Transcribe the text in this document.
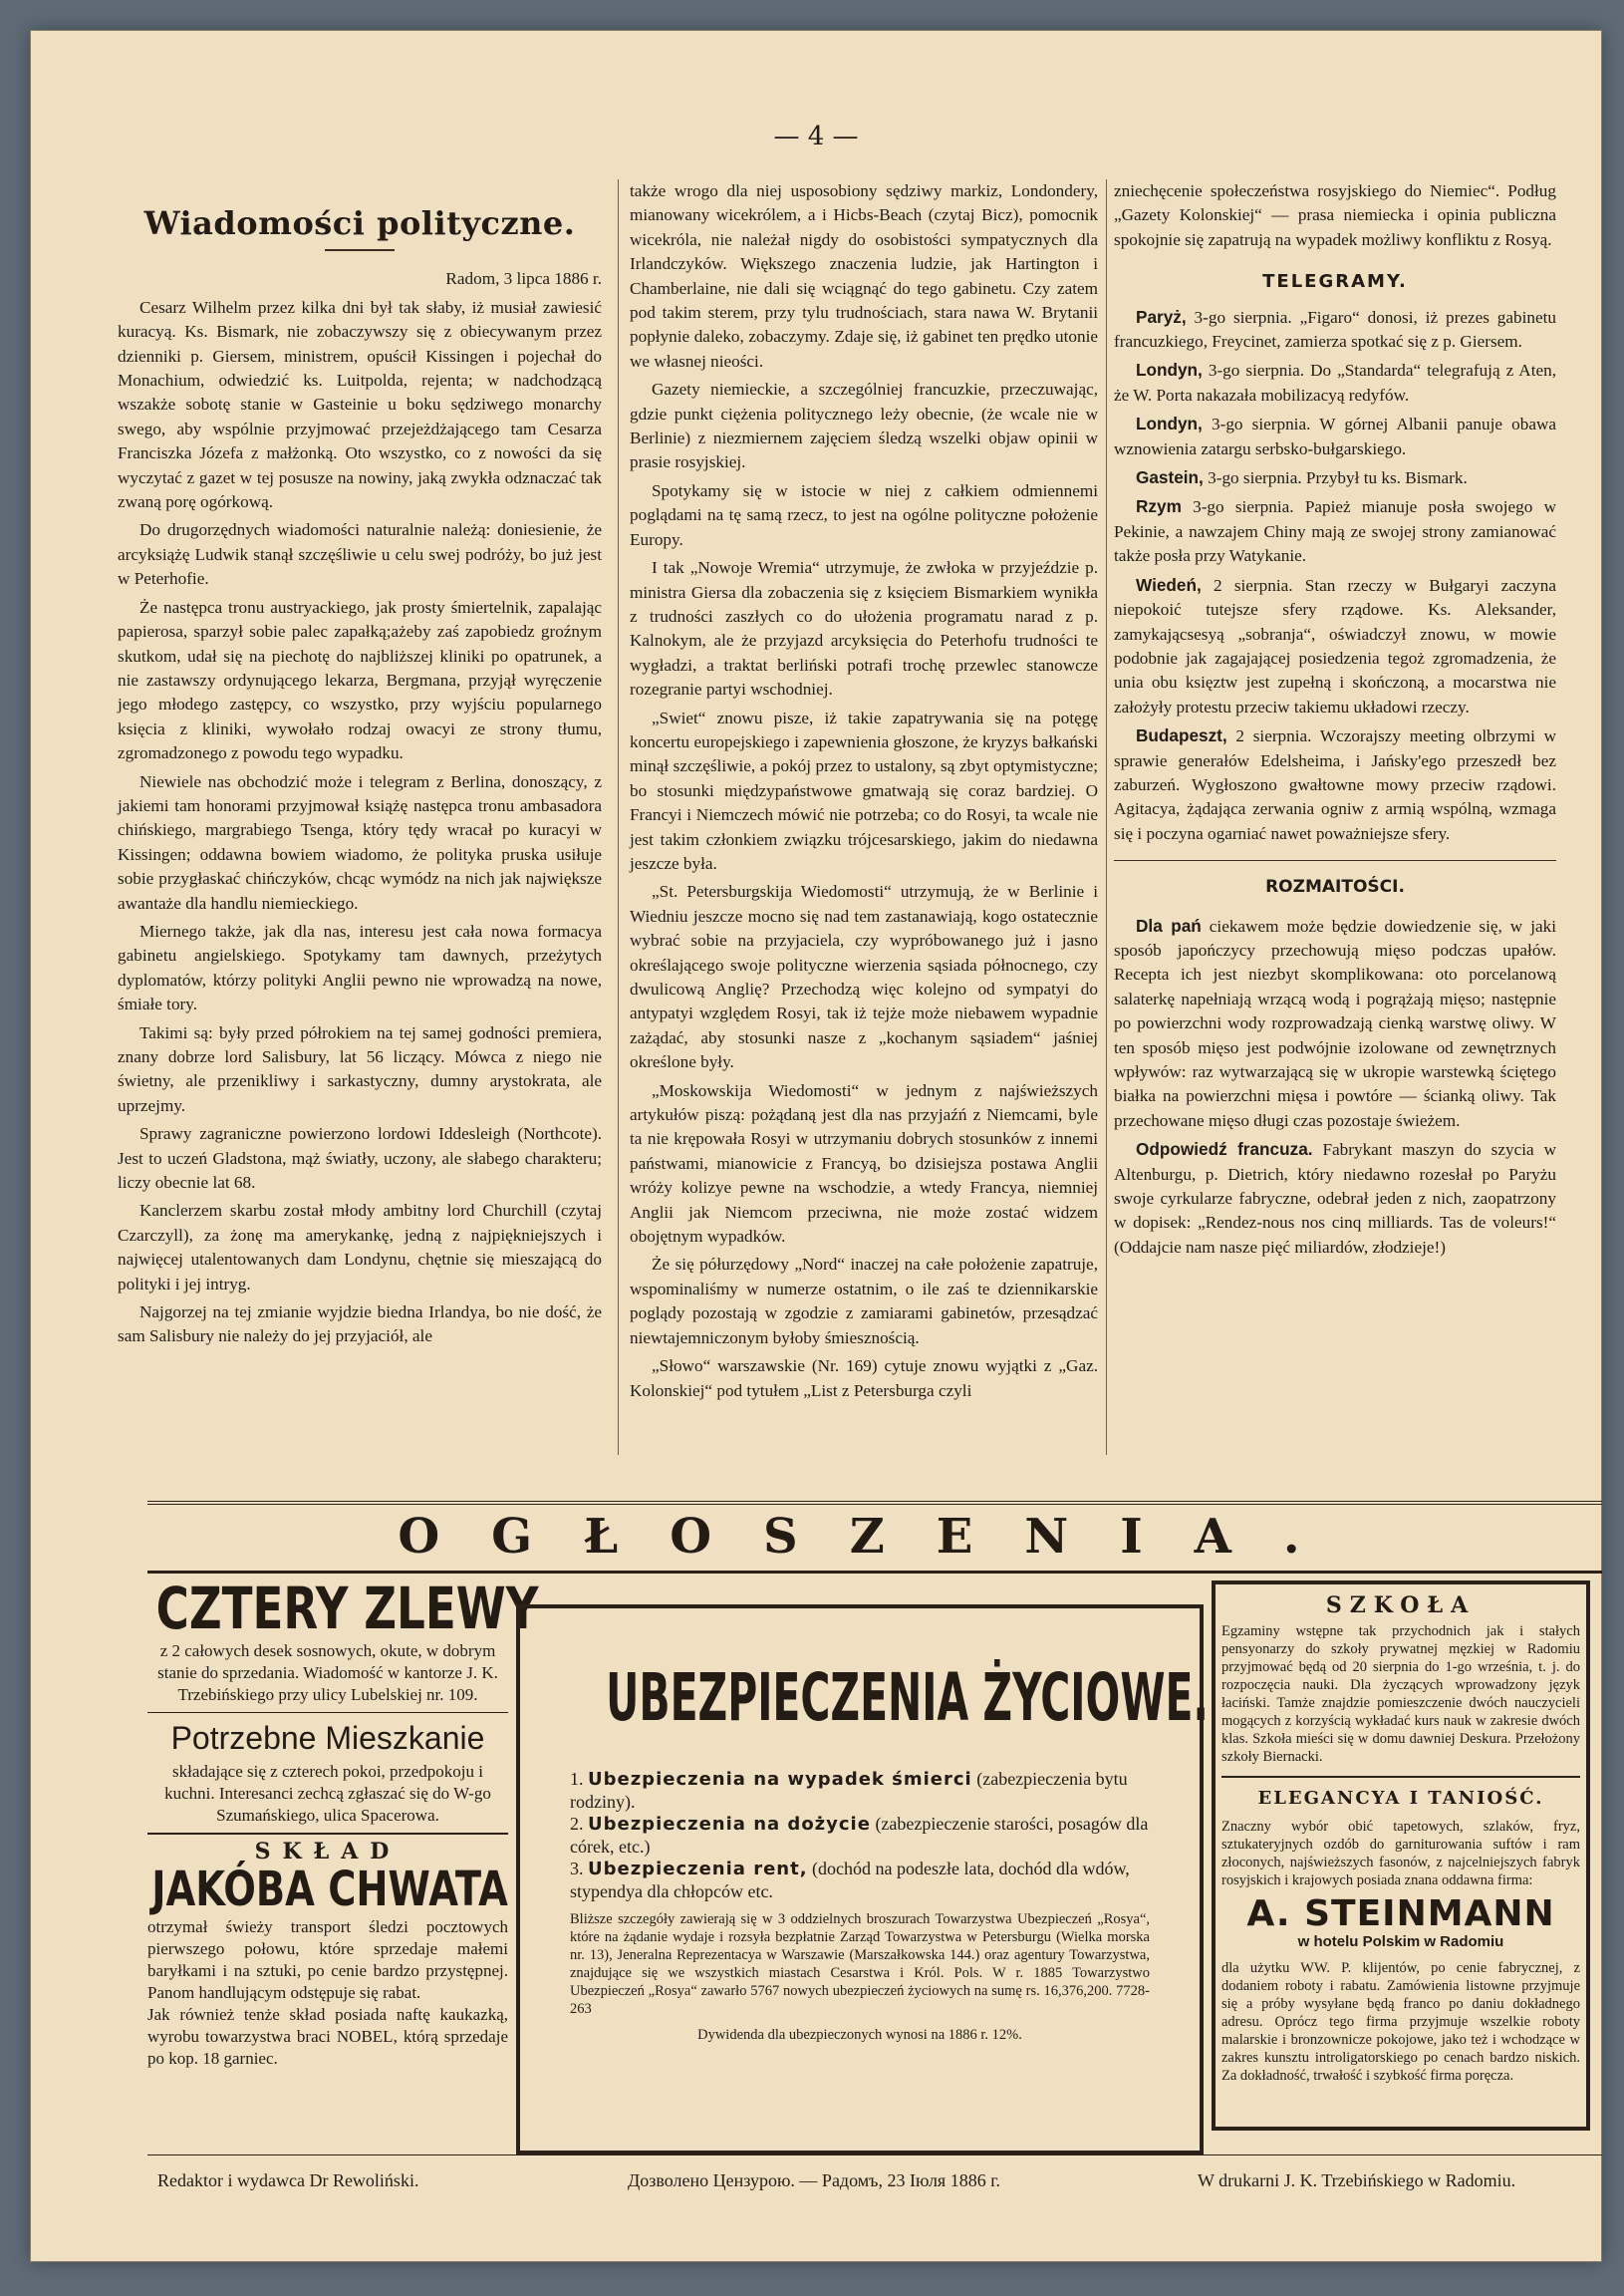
— 4 —
Wiadomości polityczne.

Radom, 3 lipca 1886 r.

Cesarz Wilhelm przez kilka dni był tak słaby, iż musiał zawiesić kuracyą. Ks. Bismark, nie zobaczywszy się z obiecywanym przez dzienniki p. Giersem, ministrem, opuścił Kissingen i pojechał do Monachium, odwiedzić ks. Luitpolda, rejenta; w nadchodzącą wszakże sobotę stanie w Gasteinie u boku sędziwego monarchy swego, aby wspólnie przyjmować przejeżdżającego tam Cesarza Franciszka Józefa z małżonką. Oto wszystko, co z nowości da się wyczytać z gazet w tej posusze na nowiny, jaką zwykła odznaczać tak zwaną porę ogórkową.

Do drugorzędnych wiadomości naturalnie należą: doniesienie, że arcyksiążę Ludwik stanął szczęśliwie u celu swej podróży, bo już jest w Peterhofie.

Że następca tronu austryackiego, jak prosty śmiertelnik, zapalając papierosa, sparzył sobie palec zapałką;ażeby zaś zapobiedz groźnym skutkom, udał się na piechotę do najbliższej kliniki po opatrunek, a nie zastawszy ordynującego lekarza, Bergmana, przyjął wyręczenie jego młodego zastępcy, co wszystko, przy wyjściu popularnego księcia z kliniki, wywołało rodzaj owacyi ze strony tłumu, zgromadzonego z powodu tego wypadku.

Niewiele nas obchodzić może i telegram z Berlina, donoszący, z jakiemi tam honorami przyjmował książę następca tronu ambasadora chińskiego, margrabiego Tsenga, który tędy wracał po kuracyi w Kissingen; oddawna bowiem wiadomo, że polityka pruska usiłuje sobie przygłaskać chińczyków, chcąc wymódz na nich jak największe awantaże dla handlu niemieckiego.

Miernego także, jak dla nas, interesu jest cała nowa formacya gabinetu angielskiego. Spotykamy tam dawnych, przeżytych dyplomatów, którzy polityki Anglii pewno nie wprowadzą na nowe, śmiałe tory.

Takimi są: były przed półrokiem na tej samej godności premiera, znany dobrze lord Salisbury, lat 56 liczący. Mówca z niego nie świetny, ale przenikliwy i sarkastyczny, dumny arystokrata, ale uprzejmy.

Sprawy zagraniczne powierzono lordowi Iddesleigh (Northcote). Jest to uczeń Gladstona, mąż światły, uczony, ale słabego charakteru; liczy obecnie lat 68.

Kanclerzem skarbu został młody ambitny lord Churchill (czytaj Czarczyll), za żonę ma amerykankę, jedną z najpiękniejszych i najwięcej utalentowanych dam Londynu, chętnie się mieszającą do polityki i jej intryg.

Najgorzej na tej zmianie wyjdzie biedna Irlandya, bo nie dość, że sam Salisbury nie należy do jej przyjaciół, ale

także wrogo dla niej usposobiony sędziwy markiz, Londondery, mianowany wicekrólem, a i Hicbs-Beach (czytaj Bicz), pomocnik wicekróla, nie należał nigdy do osobistości sympatycznych dla Irlandczyków. Większego znaczenia ludzie, jak Hartington i Chamberlaine, nie dali się wciągnąć do tego gabinetu. Czy zatem pod takim sterem, przy tylu trudnościach, stara nawa W. Brytanii popłynie daleko, zobaczymy. Zdaje się, iż gabinet ten prędko utonie we własnej nieości.

Gazety niemieckie, a szczególniej francuzkie, przeczuwając, gdzie punkt ciężenia politycznego leży obecnie, (że wcale nie w Berlinie) z niezmiernem zajęciem śledzą wszelki objaw opinii w prasie rosyjskiej.

Spotykamy się w istocie w niej z całkiem odmiennemi poglądami na tę samą rzecz, to jest na ogólne polityczne położenie Europy.

I tak „Nowoje Wremia“ utrzymuje, że zwłoka w przyjeździe p. ministra Giersa dla zobaczenia się z księciem Bismarkiem wynikła z trudności zaszłych co do ułożenia programatu narad z p. Kalnokym, ale że przyjazd arcyksięcia do Peterhofu trudności te wygładzi, a traktat berliński potrafi trochę przewlec stanowcze rozegranie partyi wschodniej.

„Swiet“ znowu pisze, iż takie zapatrywania się na potęgę koncertu europejskiego i zapewnienia głoszone, że kryzys bałkański minął szczęśliwie, a pokój przez to ustalony, są zbyt optymistyczne; bo stosunki międzypaństwowe gmatwają się coraz bardziej. O Francyi i Niemczech mówić nie potrzeba; co do Rosyi, ta wcale nie jest takim członkiem związku trójcesarskiego, jakim do niedawna jeszcze była.

„St. Petersburgskija Wiedomosti“ utrzymują, że w Berlinie i Wiedniu jeszcze mocno się nad tem zastanawiają, kogo ostatecznie wybrać sobie na przyjaciela, czy wypróbowanego już i jasno określającego swoje polityczne wierzenia sąsiada północnego, czy dwulicową Anglię? Przechodzą więc kolejno od sympatyi do antypatyi względem Rosyi, tak iż tejże może niebawem wypadnie zażądać, aby stosunki nasze z „kochanym sąsiadem“ jaśniej określone były.

„Moskowskija Wiedomosti“ w jednym z najświeższych artykułów piszą: pożądaną jest dla nas przyjaźń z Niemcami, byle ta nie krępowała Rosyi w utrzymaniu dobrych stosunków z innemi państwami, mianowicie z Francyą, bo dzisiejsza postawa Anglii wróży kolizye pewne na wschodzie, a wtedy Francya, niemniej Anglii jak Niemcom przeciwna, nie może zostać widzem obojętnym wypadków.

Że się półurzędowy „Nord“ inaczej na całe położenie zapatruje, wspominaliśmy w numerze ostatnim, o ile zaś te dziennikarskie poglądy pozostają w zgodzie z zamiarami gabinetów, przesądzać niewtajemniczonym byłoby śmiesznością.

„Słowo“ warszawskie (Nr. 169) cytuje znowu wyjątki z „Gaz. Kolonskiej“ pod tytułem „List z Petersburga czyli

zniechęcenie społeczeństwa rosyjskiego do Niemiec“. Podług „Gazety Kolonskiej“ — prasa niemiecka i opinia publiczna spokojnie się zapatrują na wypadek możliwy konfliktu z Rosyą.

TELEGRAMY.

Paryż, 3-go sierpnia. „Figaro“ donosi, iż prezes gabinetu francuzkiego, Freycinet, zamierza spotkać się z p. Giersem.

Londyn, 3-go sierpnia. Do „Standarda“ telegrafują z Aten, że W. Porta nakazała mobilizacyą redyfów.

Londyn, 3-go sierpnia. W górnej Albanii panuje obawa wznowienia zatargu serbsko-bułgarskiego.

Gastein, 3-go sierpnia. Przybył tu ks. Bismark.

Rzym 3-go sierpnia. Papież mianuje posła swojego w Pekinie, a nawzajem Chiny mają ze swojej strony zamianować także posła przy Watykanie.

Wiedeń, 2 sierpnia. Stan rzeczy w Bułgaryi zaczyna niepokoić tutejsze sfery rządowe. Ks. Aleksander, zamykającsesyą „sobranja“, oświadczył znowu, w mowie podobnie jak zagajającej posiedzenia tegoż zgromadzenia, że unia obu księztw jest zupełną i skończoną, a mocarstwa nie założyły protestu przeciw takiemu układowi rzeczy.

Budapeszt, 2 sierpnia. Wczorajszy meeting olbrzymi w sprawie generałów Edelsheima, i Jańsky'ego przeszedł bez zaburzeń. Wygłoszono gwałtowne mowy przeciw rządowi. Agitacya, żądająca zerwania ogniw z armią wspólną, wzmaga się i poczyna ogarniać nawet poważniejsze sfery.

ROZMAITOŚCI.

Dla pań ciekawem może będzie dowiedzenie się, w jaki sposób japończycy przechowują mięso podczas upałów. Recepta ich jest niezbyt skomplikowana: oto porcelanową salaterkę napełniają wrzącą wodą i pogrążają mięso; następnie po powierzchni wody rozprowadzają cienką warstwę oliwy. W ten sposób mięso jest podwójnie izolowane od zewnętrznych wpływów: raz wytwarzającą się w ukropie warstewką ściętego białka na powierzchni mięsa i powtóre — ścianką oliwy. Tak przechowane mięso długi czas pozostaje świeżem.

Odpowiedź francuza. Fabrykant maszyn do szycia w Altenburgu, p. Dietrich, który niedawno rozesłał po Paryżu swoje cyrkularze fabryczne, odebrał jeden z nich, zaopatrzony w dopisek: „Rendez-nous nos cinq milliards. Tas de voleurs!“ (Oddajcie nam nasze pięć miliardów, złodzieje!)

OGŁOSZENIA.
CZTERY ZLEWY
z 2 całowych desek sosnowych, okute, w dobrym stanie do sprzedania. Wiadomość w kantorze J. K. Trzebińskiego przy ulicy Lubelskiej nr. 109.
Potrzebne Mieszkanie
składające się z czterech pokoi, przedpokoju i kuchni. Interesanci zechcą zgłaszać się do W-go Szumańskiego, ulica Spacerowa.
SKŁAD
JAKÓBA CHWATA
otrzymał świeży transport śledzi pocztowych pierwszego połowu, które sprzedaje małemi baryłkami i na sztuki, po cenie bardzo przystępnej. Panom handlującym odstępuje się rabat.
Jak również tenże skład posiada naftę kaukazką, wyrobu towarzystwa braci NOBEL, którą sprzedaje po kop. 18 garniec.
UBEZPIECZENIA ŻYCIOWE.
1. Ubezpieczenia na wypadek śmierci (zabezpieczenia bytu rodziny).
2. Ubezpieczenia na dożycie (zabezpieczenie starości, posagów dla córek, etc.)
3. Ubezpieczenia rent, (dochód na podeszłe lata, dochód dla wdów, stypendya dla chłopców etc.
Bliższe szczegóły zawierają się w 3 oddzielnych broszurach Towarzystwa Ubezpieczeń „Rosya“, które na żądanie wydaje i rozsyła bezpłatnie Zarząd Towarzystwa w Petersburgu (Wielka morska nr. 13), Jeneralna Reprezentacya w Warszawie (Marszałkowska 144.) oraz agentury Towarzystwa, znajdujące się we wszystkich miastach Cesarstwa i Król. Pols. W r. 1885 Towarzystwo Ubezpieczeń „Rosya“ zawarło 5767 nowych ubezpieczeń życiowych na sumę rs. 16,376,200. 7728-263
Dywidenda dla ubezpieczonych wynosi na 1886 r. 12%.
SZKOŁA
Egzaminy wstępne tak przychodnich jak i stałych pensyonarzy do szkoły prywatnej męzkiej w Radomiu przyjmować będą od 20 sierpnia do 1-go września, t. j. do rozpoczęcia nauki. Dla życzących wprowadzony język łaciński. Tamże znajdzie pomieszczenie dwóch nauczycieli mogących z korzyścią wykładać kurs nauk w zakresie dwóch klas. Szkoła mieści się w domu dawniej Deskura. Przełożony szkoły Biernacki.
ELEGANCYA I TANIOŚĆ.
Znaczny wybór obić tapetowych, szlaków, fryz, sztukateryjnych ozdób do garniturowania suftów i ram złoconych, najświeższych fasonów, z najcelniejszych fabryk rosyjskich i krajowych posiada znana oddawna firma:
A. STEINMANN
w hotelu Polskim w Radomiu
dla użytku WW. P. klijentów, po cenie fabrycznej, z dodaniem roboty i rabatu. Zamówienia listowne przyjmuje się a próby wysyłane będą franco po daniu dokładnego adresu. Oprócz tego firma przyjmuje wszelkie roboty malarskie i bronzownicze pokojowe, jako też i wchodzące w zakres kunsztu introligatorskiego po cenach bardzo niskich. Za dokładność, trwałość i szybkość firma poręcza.
Redaktor i wydawca Dr Rewoliński.	Дозволено Цензурою. — Радомъ, 23 Iюля 1886 г.	W drukarni J. K. Trzebińskiego w Radomiu.
